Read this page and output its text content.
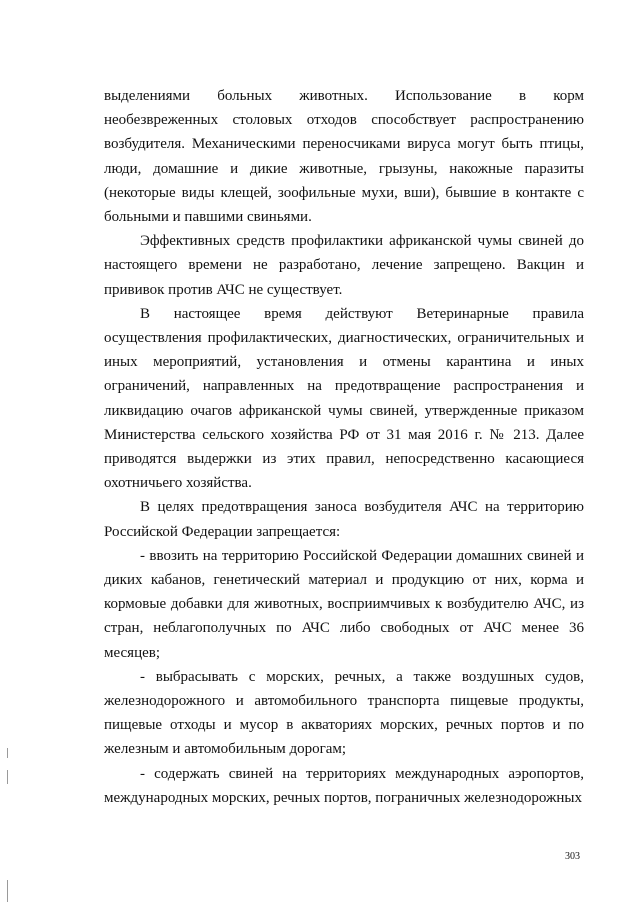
выделениями больных животных. Использование в корм необезвреженных столовых отходов способствует распространению возбудителя. Механическими переносчиками вируса могут быть птицы, люди, домашние и дикие животные, грызуны, накожные паразиты (некоторые виды клещей, зоофильные мухи, вши), бывшие в контакте с больными и павшими свиньями.

Эффективных средств профилактики африканской чумы свиней до настоящего времени не разработано, лечение запрещено. Вакцин и прививок против АЧС не существует.

В настоящее время действуют Ветеринарные правила осуществления профилактических, диагностических, ограничительных и иных мероприятий, установления и отмены карантина и иных ограничений, направленных на предотвращение распространения и ликвидацию очагов африканской чумы свиней, утвержденные приказом Министерства сельского хозяйства РФ от 31 мая 2016 г. № 213. Далее приводятся выдержки из этих правил, непосредственно касающиеся охотничьего хозяйства.

В целях предотвращения заноса возбудителя АЧС на территорию Российской Федерации запрещается:

- ввозить на территорию Российской Федерации домашних свиней и диких кабанов, генетический материал и продукцию от них, корма и кормовые добавки для животных, восприимчивых к возбудителю АЧС, из стран, неблагополучных по АЧС либо свободных от АЧС менее 36 месяцев;

- выбрасывать с морских, речных, а также воздушных судов, железнодорожного и автомобильного транспорта пищевые продукты, пищевые отходы и мусор в акваториях морских, речных портов и по железным и автомобильным дорогам;

- содержать свиней на территориях международных аэропортов, международных морских, речных портов, пограничных железнодорожных

303
